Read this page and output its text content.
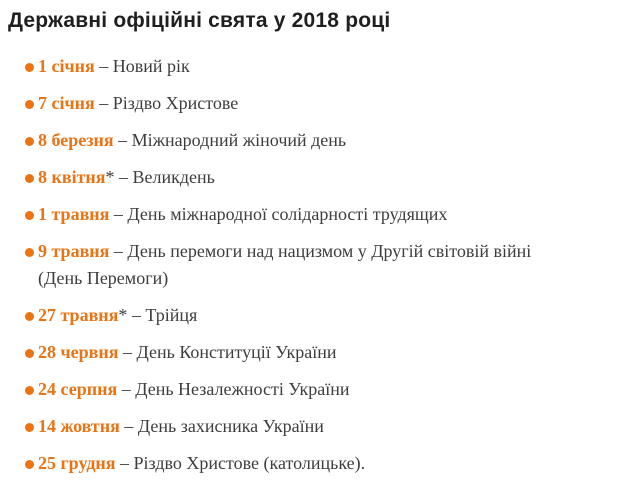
Державні офіційні свята у 2018 році
1 січня – Новий рік
7 січня – Різдво Христове
8 березня – Міжнародний жіночий день
8 квітня* – Великдень
1 травня – День міжнародної солідарності трудящих
9 травня – День перемоги над нацизмом у Другій світовій війні
(День Перемоги)
27 травня* – Трійця
28 червня – День Конституції України
24 серпня – День Незалежності України
14 жовтня – День захисника України
25 грудня – Різдво Христове (католицьке).
